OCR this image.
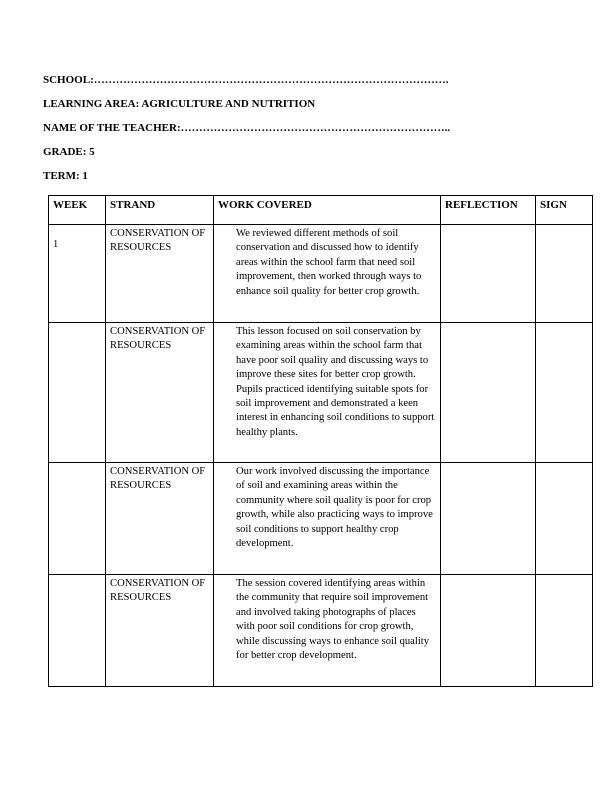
SCHOOL:…………………………………………………………………………………….
LEARNING AREA: AGRICULTURE AND NUTRITION
NAME OF THE TEACHER:………………………………………………………………..
GRADE: 5
TERM: 1
WEEK	STRAND	WORK COVERED	REFLECTION	SIGN
1	CONSERVATION OF RESOURCES	We reviewed different methods of soil conservation and discussed how to identify areas within the school farm that need soil improvement, then worked through ways to enhance soil quality for better crop growth.		
	CONSERVATION OF RESOURCES	This lesson focused on soil conservation by examining areas within the school farm that have poor soil quality and discussing ways to improve these sites for better crop growth. Pupils practiced identifying suitable spots for soil improvement and demonstrated a keen interest in enhancing soil conditions to support healthy plants.		
	CONSERVATION OF RESOURCES	Our work involved discussing the importance of soil and examining areas within the community where soil quality is poor for crop growth, while also practicing ways to improve soil conditions to support healthy crop development.		
	CONSERVATION OF RESOURCES	The session covered identifying areas within the community that require soil improvement and involved taking photographs of places with poor soil conditions for crop growth, while discussing ways to enhance soil quality for better crop development.		
